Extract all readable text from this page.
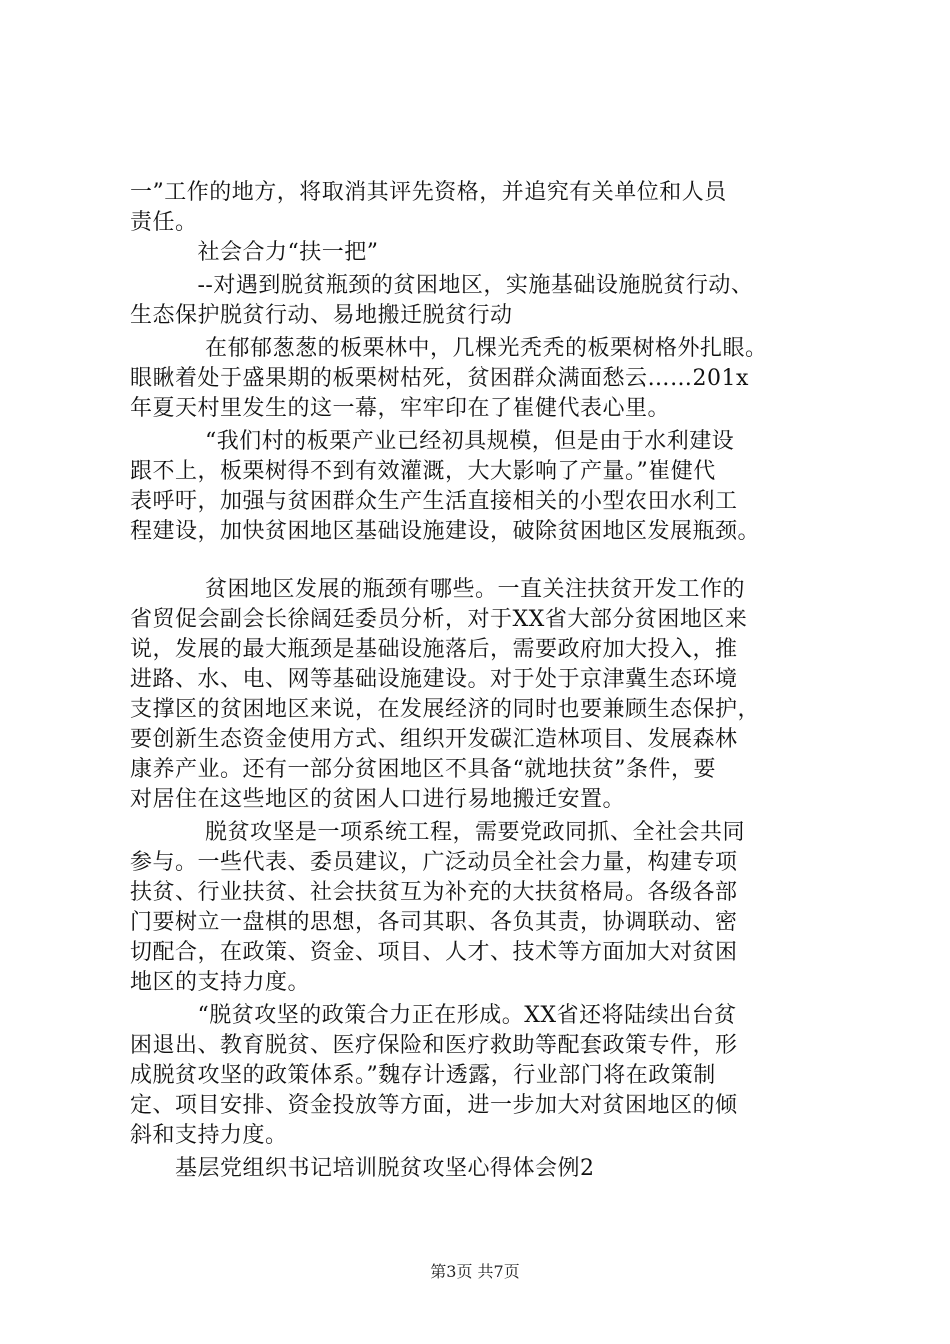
一”工作的地方，将取消其评先资格，并追究有关单位和人员
责任。
　　　社会合力“扶一把”
　　　--对遇到脱贫瓶颈的贫困地区，实施基础设施脱贫行动、
生态保护脱贫行动、易地搬迁脱贫行动
　　　 在郁郁葱葱的板栗林中，几棵光秃秃的板栗树格外扎眼。
眼瞅着处于盛果期的板栗树枯死，贫困群众满面愁云……201x
年夏天村里发生的这一幕，牢牢印在了崔健代表心里。
　　　 “我们村的板栗产业已经初具规模，但是由于水利建设
跟不上，板栗树得不到有效灌溉，大大影响了产量。”崔健代
表呼吁，加强与贫困群众生产生活直接相关的小型农田水利工
程建设，加快贫困地区基础设施建设，破除贫困地区发展瓶颈。
　　　 贫困地区发展的瓶颈有哪些。一直关注扶贫开发工作的
省贸促会副会长徐阔廷委员分析，对于XX省大部分贫困地区来
说，发展的最大瓶颈是基础设施落后，需要政府加大投入，推
进路、水、电、网等基础设施建设。对于处于京津冀生态环境
支撑区的贫困地区来说，在发展经济的同时也要兼顾生态保护，
要创新生态资金使用方式、组织开发碳汇造林项目、发展森林
康养产业。还有一部分贫困地区不具备“就地扶贫”条件，要
对居住在这些地区的贫困人口进行易地搬迁安置。
　　　 脱贫攻坚是一项系统工程，需要党政同抓、全社会共同
参与。一些代表、委员建议，广泛动员全社会力量，构建专项
扶贫、行业扶贫、社会扶贫互为补充的大扶贫格局。各级各部
门要树立一盘棋的思想，各司其职、各负其责，协调联动、密
切配合，在政策、资金、项目、人才、技术等方面加大对贫困
地区的支持力度。
　　　“脱贫攻坚的政策合力正在形成。XX省还将陆续出台贫
困退出、教育脱贫、医疗保险和医疗救助等配套政策专件，形
成脱贫攻坚的政策体系。”魏存计透露，行业部门将在政策制
定、项目安排、资金投放等方面，进一步加大对贫困地区的倾
斜和支持力度。
　　基层党组织书记培训脱贫攻坚心得体会例2
第3页 共7页
